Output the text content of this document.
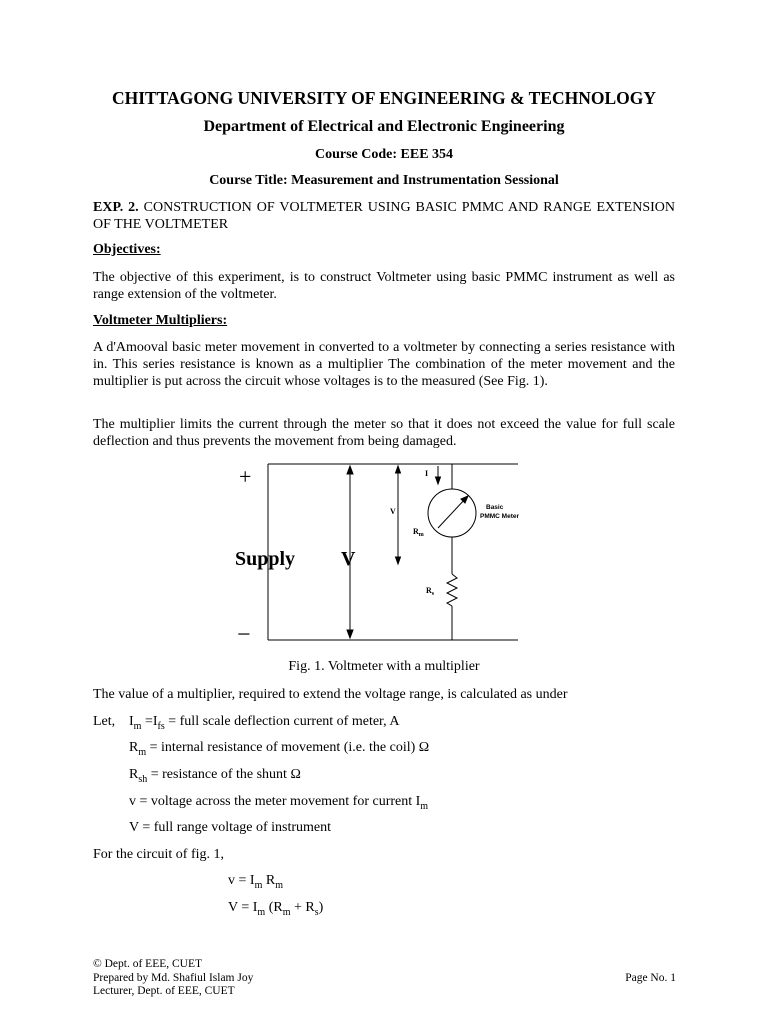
CHITTAGONG UNIVERSITY OF ENGINEERING & TECHNOLOGY
Department of Electrical and Electronic Engineering
Course Code: EEE 354
Course Title: Measurement and Instrumentation Sessional
EXP. 2. CONSTRUCTION OF VOLTMETER USING BASIC PMMC AND RANGE EXTENSION OF THE VOLTMETER
Objectives:
The objective of this experiment, is to construct Voltmeter using basic PMMC instrument as well as range extension of the voltmeter.
Voltmeter Multipliers:
A d'Amooval basic meter movement in converted to a voltmeter by connecting a series resistance with in. This series resistance is known as a multiplier The combination of the meter movement and the multiplier is put across the circuit whose voltages is to the measured (See Fig. 1).
The multiplier limits the current through the meter so that it does not exceed the value for full scale deflection and thus prevents the movement from being damaged.
+
−
Supply V
I
V
$R_m$
$R_s$
Basic
PMMC Meter
Fig. 1. Voltmeter with a multiplier
The value of a multiplier, required to extend the voltage range, is calculated as under
Let, $I_m =I_{fs}$ = full scale deflection current of meter, A
$R_m$ = internal resistance of movement (i.e. the coil) Ω
$R_{sh}$ = resistance of the shunt Ω
v = voltage across the meter movement for current $I_m$
V = full range voltage of instrument
For the circuit of fig. 1,
$v = I_m$ $R_m$
$V = I_m$ $(R_m + R_s)$
© Dept. of EEE, CUET
Prepared by Md. Shafiul Islam Joy
Lecturer, Dept. of EEE, CUET
Page No. 1
